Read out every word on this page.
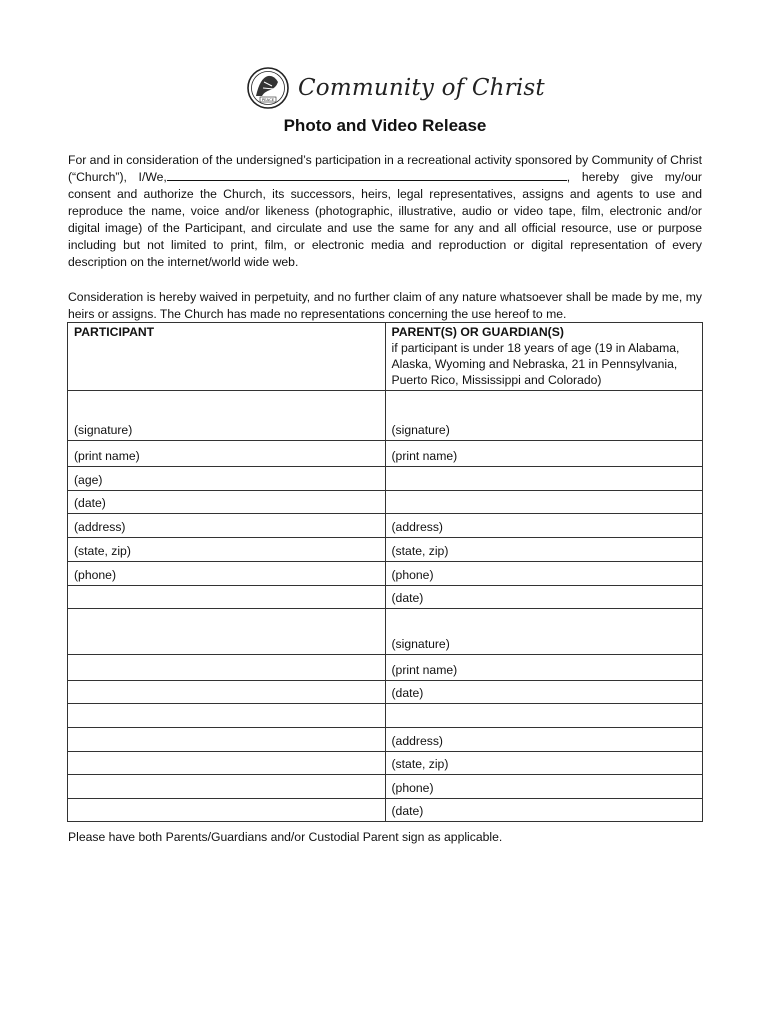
PEACE Community of Christ
Photo and Video Release
For and in consideration of the undersigned’s participation in a recreational activity sponsored by Community of Christ (“Church”), I/We,	, hereby give my/our consent and authorize the Church, its successors, heirs, legal representatives, assigns and agents to use and reproduce the name, voice and/or likeness (photographic, illustrative, audio or video tape, film, electronic and/or digital image) of the Participant, and circulate and use the same for any and all official resource, use or purpose including but not limited to print, film, or electronic media and reproduction or digital representation of every description on the internet/world wide web.
Consideration is hereby waived in perpetuity, and no further claim of any nature whatsoever shall be made by me, my heirs or assigns. The Church has made no representations concerning the use hereof to me.
PARTICIPANT	PARENT(S) OR GUARDIAN(S)
if participant is under 18 years of age (19 in Alabama, Alaska, Wyoming and Nebraska, 21 in Pennsylvania, Puerto Rico, Mississippi and Colorado)

(signature)	(signature)
(print name)	(print name)
(age)	
(date)	
(address)	(address)
(state, zip)	(state, zip)
(phone)	(phone)
	(date)
	(signature)
	(print name)
	(date)

	(address)
	(state, zip)
	(phone)
	(date)
Please have both Parents/Guardians and/or Custodial Parent sign as applicable.
